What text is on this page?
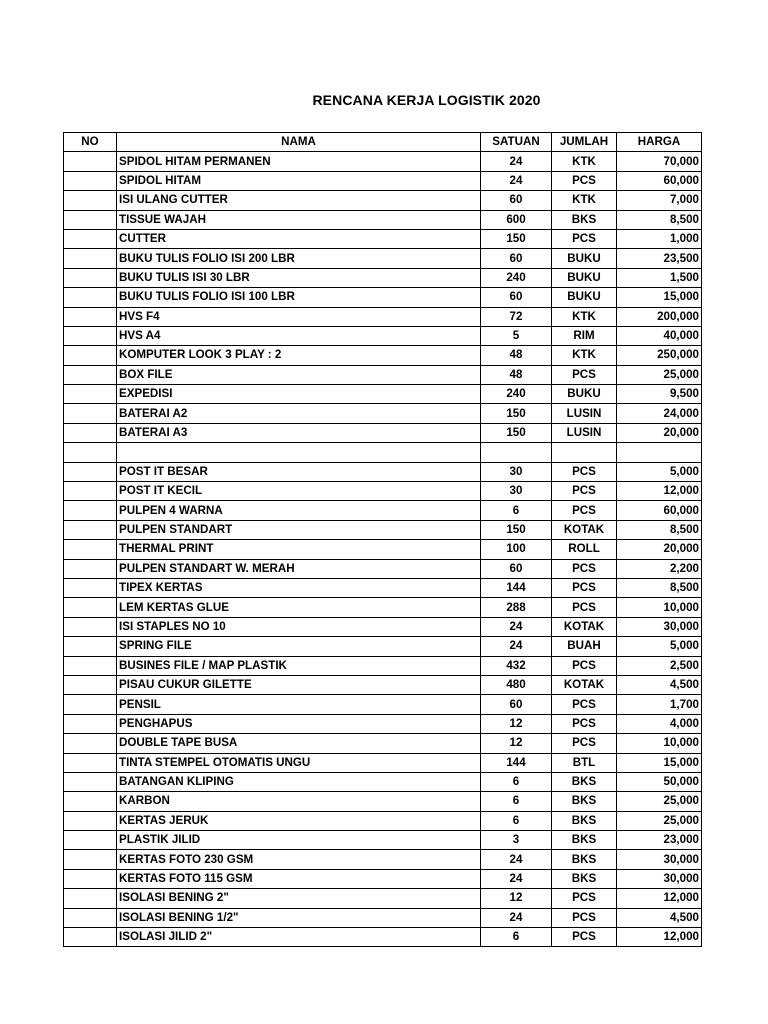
RENCANA KERJA LOGISTIK 2020
NO	NAMA	SATUAN	JUMLAH	HARGA
	SPIDOL HITAM PERMANEN	24	KTK	70,000
	SPIDOL HITAM	24	PCS	60,000
	ISI ULANG CUTTER	60	KTK	7,000
	TISSUE WAJAH	600	BKS	8,500
	CUTTER	150	PCS	1,000
	BUKU TULIS FOLIO ISI 200 LBR	60	BUKU	23,500
	BUKU TULIS ISI 30 LBR	240	BUKU	1,500
	BUKU TULIS FOLIO ISI 100 LBR	60	BUKU	15,000
	HVS F4	72	KTK	200,000
	HVS A4	5	RIM	40,000
	KOMPUTER LOOK 3 PLAY : 2	48	KTK	250,000
	BOX FILE	48	PCS	25,000
	EXPEDISI	240	BUKU	9,500
	BATERAI A2	150	LUSIN	24,000
	BATERAI A3	150	LUSIN	20,000

	POST IT BESAR	30	PCS	5,000
	POST IT KECIL	30	PCS	12,000
	PULPEN 4 WARNA	6	PCS	60,000
	PULPEN STANDART	150	KOTAK	8,500
	THERMAL PRINT	100	ROLL	20,000
	PULPEN STANDART W. MERAH	60	PCS	2,200
	TIPEX KERTAS	144	PCS	8,500
	LEM KERTAS GLUE	288	PCS	10,000
	ISI STAPLES NO 10	24	KOTAK	30,000
	SPRING FILE	24	BUAH	5,000
	BUSINES FILE / MAP PLASTIK	432	PCS	2,500
	PISAU CUKUR GILETTE	480	KOTAK	4,500
	PENSIL	60	PCS	1,700
	PENGHAPUS	12	PCS	4,000
	DOUBLE TAPE BUSA	12	PCS	10,000
	TINTA STEMPEL OTOMATIS UNGU	144	BTL	15,000
	BATANGAN KLIPING	6	BKS	50,000
	KARBON	6	BKS	25,000
	KERTAS JERUK	6	BKS	25,000
	PLASTIK JILID	3	BKS	23,000
	KERTAS FOTO 230 GSM	24	BKS	30,000
	KERTAS FOTO 115 GSM	24	BKS	30,000
	ISOLASI BENING 2"	12	PCS	12,000
	ISOLASI BENING 1/2"	24	PCS	4,500
	ISOLASI JILID 2"	6	PCS	12,000
